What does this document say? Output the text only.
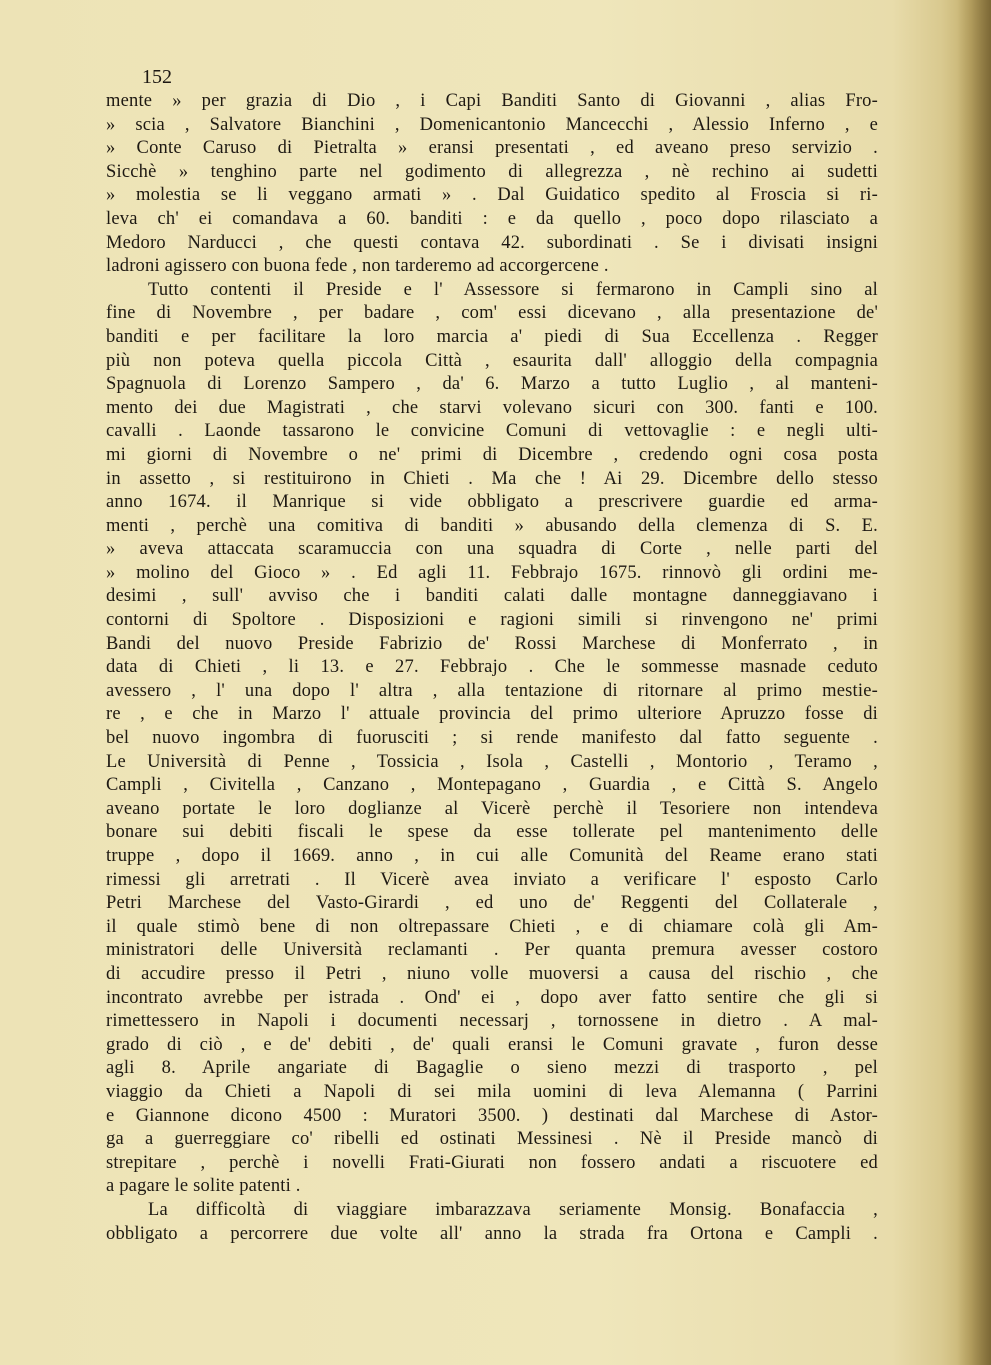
152
mente » per grazia di Dio , i Capi Banditi Santo di Giovanni , alias Fro-
» scia , Salvatore Bianchini , Domenicantonio Mancecchi , Alessio Inferno , e
» Conte Caruso di Pietralta » eransi presentati , ed aveano preso servizio .
Sicchè » tenghino parte nel godimento di allegrezza , nè rechino ai sudetti
» molestia se li veggano armati » . Dal Guidatico spedito al Froscia si ri-
leva ch' ei comandava a 60. banditi : e da quello , poco dopo rilasciato a
Medoro Narducci , che questi contava 42. subordinati . Se i divisati insigni
ladroni agissero con buona fede , non tarderemo ad accorgercene .
Tutto contenti il Preside e l' Assessore si fermarono in Campli sino al
fine di Novembre , per badare , com' essi dicevano , alla presentazione de'
banditi e per facilitare la loro marcia a' piedi di Sua Eccellenza . Regger
più non poteva quella piccola Città , esaurita dall' alloggio della compagnia
Spagnuola di Lorenzo Sampero , da' 6. Marzo a tutto Luglio , al manteni-
mento dei due Magistrati , che starvi volevano sicuri con 300. fanti e 100.
cavalli . Laonde tassarono le convicine Comuni di vettovaglie : e negli ulti-
mi giorni di Novembre o ne' primi di Dicembre , credendo ogni cosa posta
in assetto , si restituirono in Chieti . Ma che ! Ai 29. Dicembre dello stesso
anno 1674. il Manrique si vide obbligato a prescrivere guardie ed arma-
menti , perchè una comitiva di banditi » abusando della clemenza di S. E.
» aveva attaccata scaramuccia con una squadra di Corte , nelle parti del
» molino del Gioco » . Ed agli 11. Febbrajo 1675. rinnovò gli ordini me-
desimi , sull' avviso che i banditi calati dalle montagne danneggiavano i
contorni di Spoltore . Disposizioni e ragioni simili si rinvengono ne' primi
Bandi del nuovo Preside Fabrizio de' Rossi Marchese di Monferrato , in
data di Chieti , li 13. e 27. Febbrajo . Che le sommesse masnade ceduto
avessero , l' una dopo l' altra , alla tentazione di ritornare al primo mestie-
re , e che in Marzo l' attuale provincia del primo ulteriore Apruzzo fosse di
bel nuovo ingombra di fuorusciti ; si rende manifesto dal fatto seguente .
Le Università di Penne , Tossicia , Isola , Castelli , Montorio , Teramo ,
Campli , Civitella , Canzano , Montepagano , Guardia , e Città S. Angelo
aveano portate le loro doglianze al Vicerè perchè il Tesoriere non intendeva
bonare sui debiti fiscali le spese da esse tollerate pel mantenimento delle
truppe , dopo il 1669. anno , in cui alle Comunità del Reame erano stati
rimessi gli arretrati . Il Vicerè avea inviato a verificare l' esposto Carlo
Petri Marchese del Vasto-Girardi , ed uno de' Reggenti del Collaterale ,
il quale stimò bene di non oltrepassare Chieti , e di chiamare colà gli Am-
ministratori delle Università reclamanti . Per quanta premura avesser costoro
di accudire presso il Petri , niuno volle muoversi a causa del rischio , che
incontrato avrebbe per istrada . Ond' ei , dopo aver fatto sentire che gli si
rimettessero in Napoli i documenti necessarj , tornossene in dietro . A mal-
grado di ciò , e de' debiti , de' quali eransi le Comuni gravate , furon desse
agli 8. Aprile angariate di Bagaglie o sieno mezzi di trasporto , pel
viaggio da Chieti a Napoli di sei mila uomini di leva Alemanna ( Parrini
e Giannone dicono 4500 : Muratori 3500. ) destinati dal Marchese di Astor-
ga a guerreggiare co' ribelli ed ostinati Messinesi . Nè il Preside mancò di
strepitare , perchè i novelli Frati-Giurati non fossero andati a riscuotere ed
a pagare le solite patenti .
La difficoltà di viaggiare imbarazzava seriamente Monsig. Bonafaccia ,
obbligato a percorrere due volte all' anno la strada fra Ortona e Campli .
